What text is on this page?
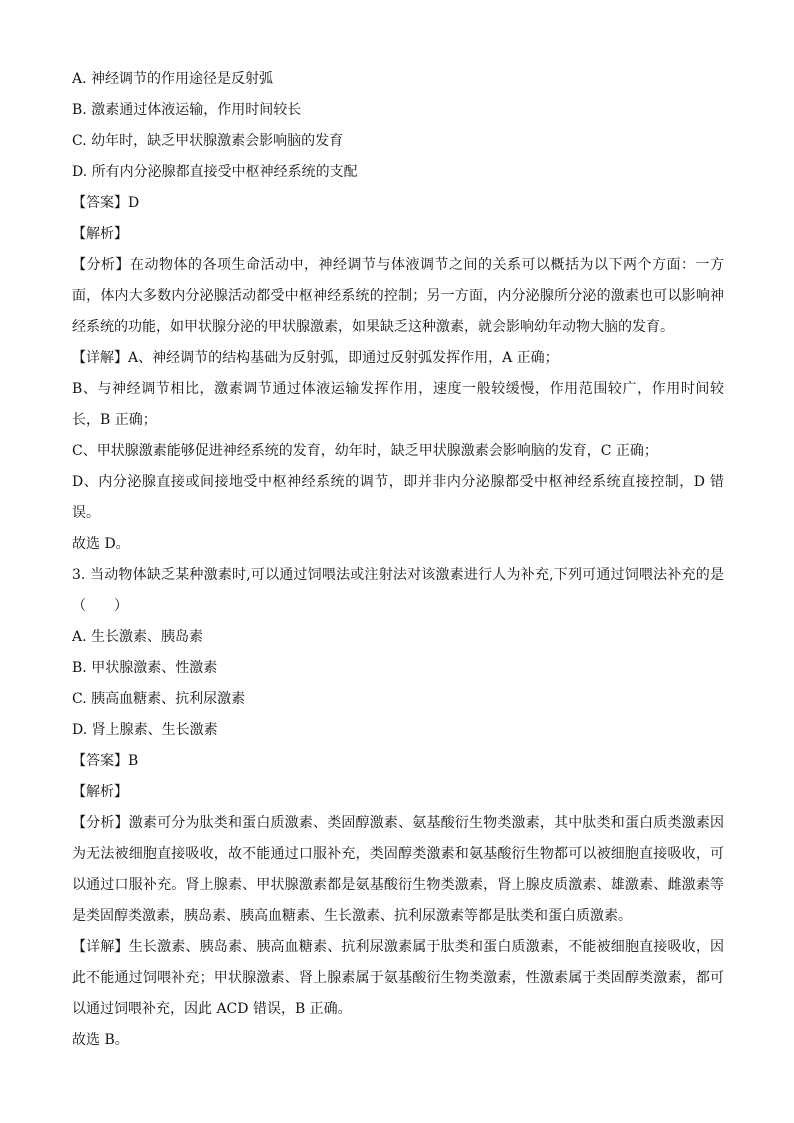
A. 神经调节的作用途径是反射弧
B. 激素通过体液运输，作用时间较长
C. 幼年时，缺乏甲状腺激素会影响脑的发育
D. 所有内分泌腺都直接受中枢神经系统的支配
【答案】D
【解析】
【分析】在动物体的各项生命活动中，神经调节与体液调节之间的关系可以概括为以下两个方面：一方面，体内大多数内分泌腺活动都受中枢神经系统的控制；另一方面，内分泌腺所分泌的激素也可以影响神经系统的功能，如甲状腺分泌的甲状腺激素，如果缺乏这种激素，就会影响幼年动物大脑的发育。
【详解】A、神经调节的结构基础为反射弧，即通过反射弧发挥作用，A 正确；
B、与神经调节相比，激素调节通过体液运输发挥作用，速度一般较缓慢，作用范围较广，作用时间较长，B 正确；
C、甲状腺激素能够促进神经系统的发育，幼年时，缺乏甲状腺激素会影响脑的发育，C 正确；
D、内分泌腺直接或间接地受中枢神经系统的调节，即并非内分泌腺都受中枢神经系统直接控制，D 错误。
故选 D。
3. 当动物体缺乏某种激素时,可以通过饲喂法或注射法对该激素进行人为补充,下列可通过饲喂法补充的是（　　）
A. 生长激素、胰岛素
B. 甲状腺激素、性激素
C. 胰高血糖素、抗利尿激素
D. 肾上腺素、生长激素
【答案】B
【解析】
【分析】激素可分为肽类和蛋白质激素、类固醇激素、氨基酸衍生物类激素，其中肽类和蛋白质类激素因为无法被细胞直接吸收，故不能通过口服补充，类固醇类激素和氨基酸衍生物都可以被细胞直接吸收，可以通过口服补充。肾上腺素、甲状腺激素都是氨基酸衍生物类激素，肾上腺皮质激素、雄激素、雌激素等是类固醇类激素，胰岛素、胰高血糖素、生长激素、抗利尿激素等都是肽类和蛋白质激素。
【详解】生长激素、胰岛素、胰高血糖素、抗利尿激素属于肽类和蛋白质激素，不能被细胞直接吸收，因此不能通过饲喂补充；甲状腺激素、肾上腺素属于氨基酸衍生物类激素，性激素属于类固醇类激素，都可以通过饲喂补充，因此 ACD 错误，B 正确。
故选 B。
